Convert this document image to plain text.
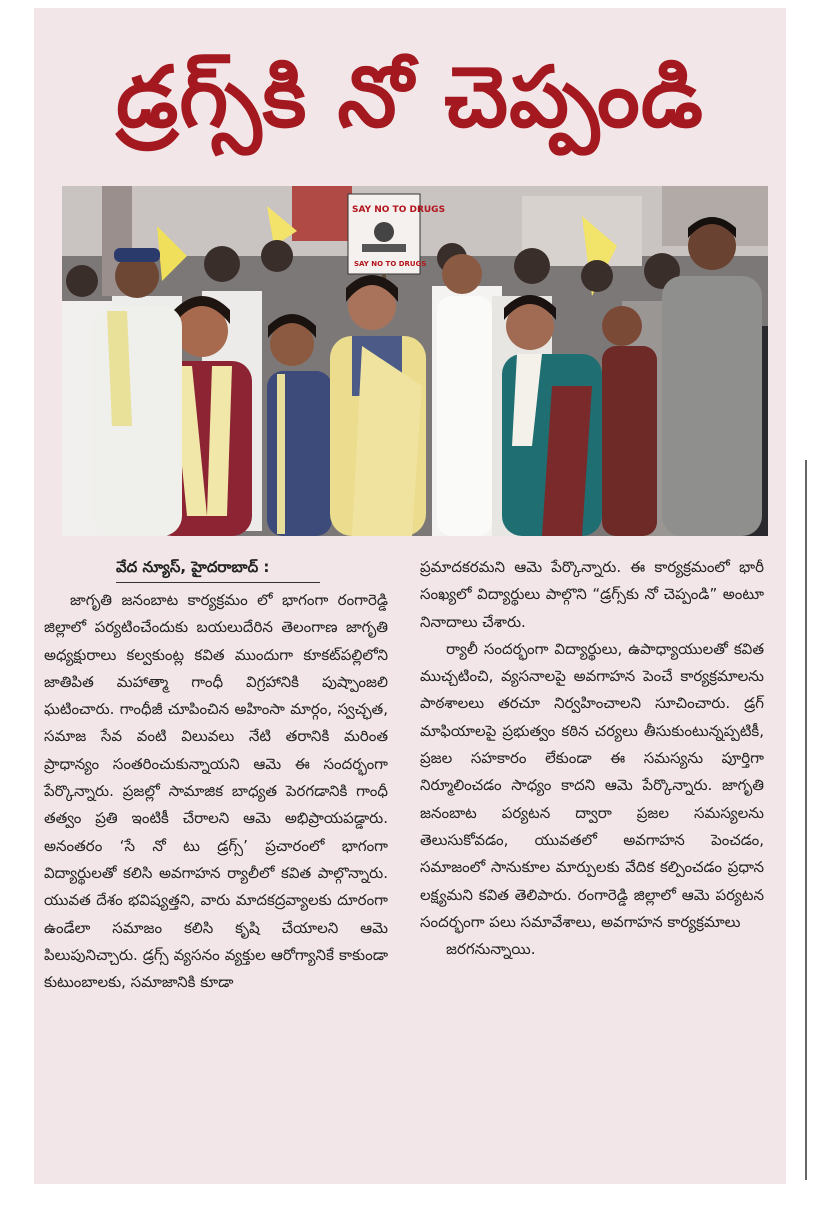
డ్రగ్స్‌కి నో చెప్పండి
SAY NO TO DRUGS
SAY NO TO DRUGS
వేద న్యూస్, హైదరాబాద్ :

జాగృతి జనంబాట కార్యక్రమం లో భాగంగా రంగారెడ్డి జిల్లాలో పర్యటించేందుకు బయలుదేరిన తెలంగాణ జాగృతి అధ్యక్షురాలు కల్వకుంట్ల కవిత ముందుగా కూకట్‌పల్లిలోని జాతిపిత మహాత్మా గాంధీ విగ్రహానికి పుష్పాంజలి ఘటించారు. గాంధీజీ చూపించిన అహింసా మార్గం, స్వచ్ఛత, సమాజ సేవ వంటి విలువలు నేటి తరానికి మరింత ప్రాధాన్యం సంతరించుకున్నాయని ఆమె ఈ సందర్భంగా పేర్కొన్నారు. ప్రజల్లో సామాజిక బాధ్యత పెరగడానికి గాంధీ తత్వం ప్రతి ఇంటికీ చేరాలని ఆమె అభిప్రాయపడ్డారు. అనంతరం ‘సే నో టు డ్రగ్స్’ ప్రచారంలో భాగంగా విద్యార్థులతో కలిసి అవగాహన ర్యాలీలో కవిత పాల్గొన్నారు. యువత దేశం భవిష్యత్తని, వారు మాదకద్రవ్యాలకు దూరంగా ఉండేలా సమాజం కలిసి కృషి చేయాలని ఆమె పిలుపునిచ్చారు. డ్రగ్స్ వ్యసనం వ్యక్తుల ఆరోగ్యానికే కాకుండా కుటుంబాలకు, సమాజానికి కూడా

ప్రమాదకరమని ఆమె పేర్కొన్నారు. ఈ కార్యక్రమంలో భారీ సంఖ్యలో విద్యార్థులు పాల్గొని “డ్రగ్స్‌కు నో చెప్పండి” అంటూ నినాదాలు చేశారు.

ర్యాలీ సందర్భంగా విద్యార్థులు, ఉపాధ్యాయులతో కవిత ముచ్చటించి, వ్యసనాలపై అవగాహన పెంచే కార్యక్రమాలను పాఠశాలలు తరచూ నిర్వహించాలని సూచించారు. డ్రగ్ మాఫియాలపై ప్రభుత్వం కఠిన చర్యలు తీసుకుంటున్నప్పటికీ, ప్రజల సహకారం లేకుండా ఈ సమస్యను పూర్తిగా నిర్మూలించడం సాధ్యం కాదని ఆమె పేర్కొన్నారు. జాగృతి జనంబాట పర్యటన ద్వారా ప్రజల సమస్యలను తెలుసుకోవడం, యువతలో అవగాహన పెంచడం, సమాజంలో సానుకూల మార్పులకు వేదిక కల్పించడం ప్రధాన లక్ష్యమని కవిత తెలిపారు. రంగారెడ్డి జిల్లాలో ఆమె పర్యటన సందర్భంగా పలు సమావేశాలు, అవగాహన కార్యక్రమాలు

జరగనున్నాయి.
